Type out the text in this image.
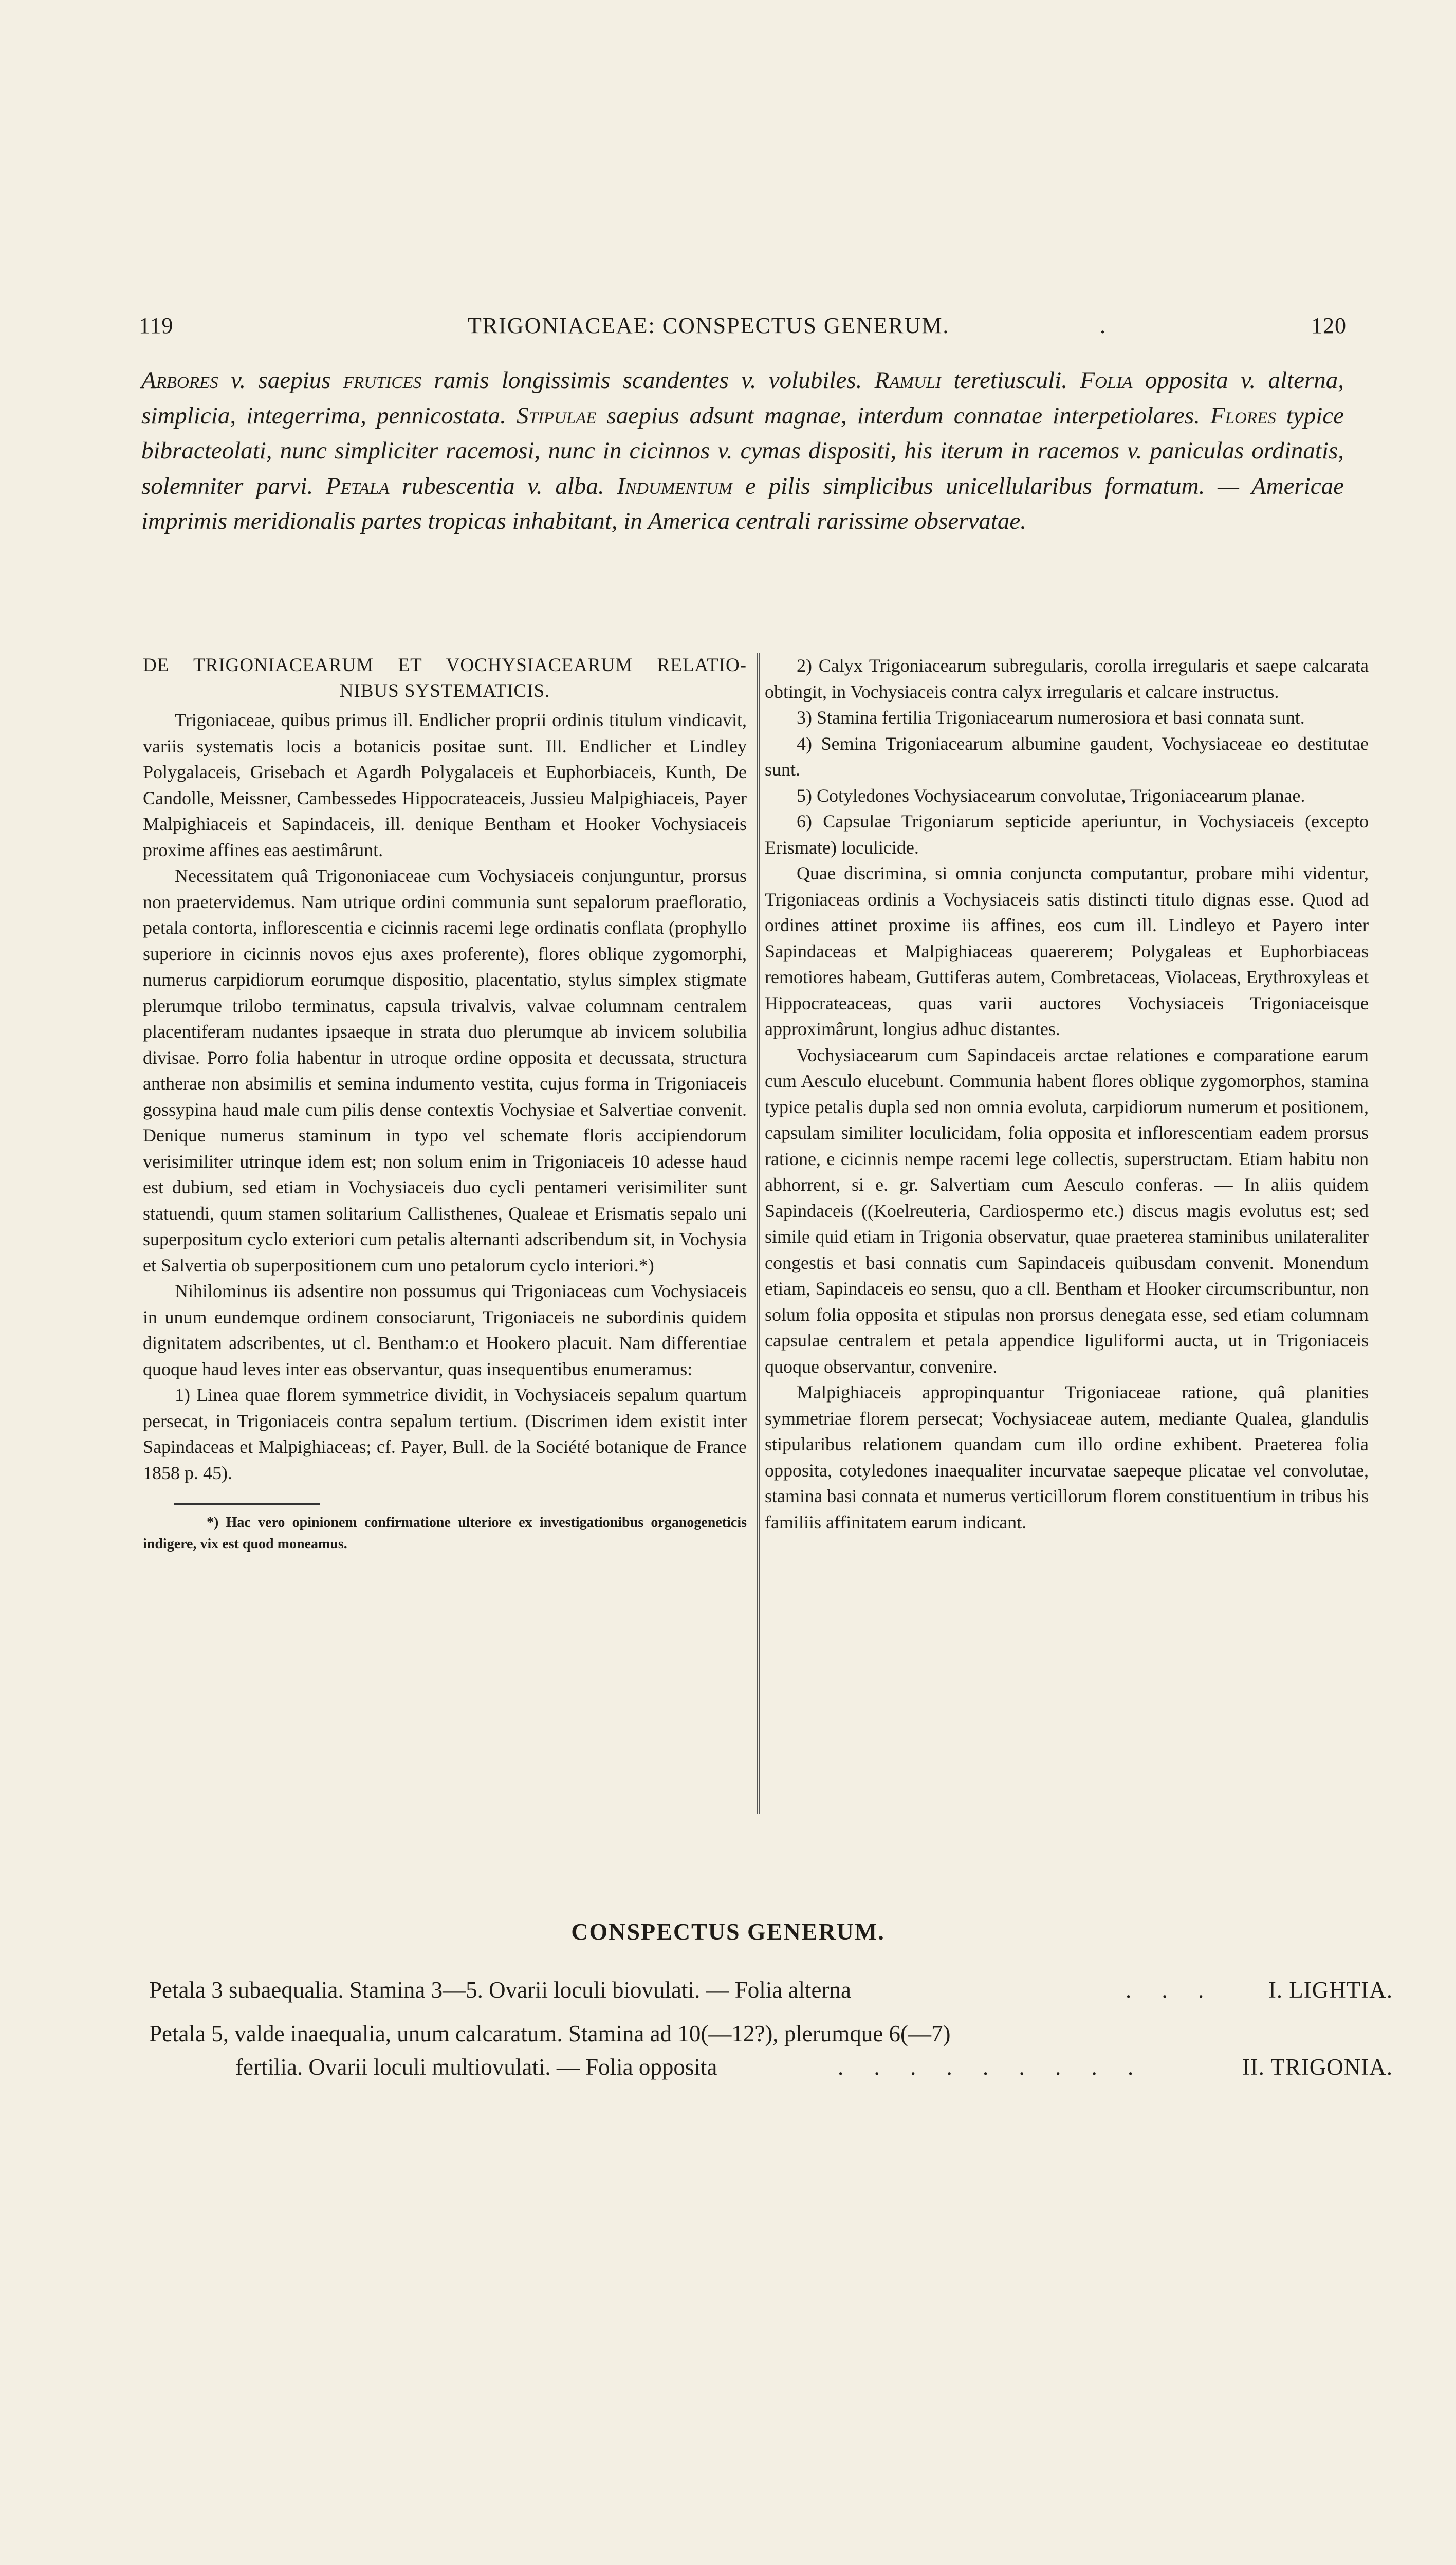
119	TRIGONIACEAE: CONSPECTUS GENERUM.	.	120

Arbores v. saepius frutices ramis longissimis scandentes v. volubiles. Ramuli teretiusculi. Folia opposita v. alterna, simplicia, integerrima, pennicostata. Stipulae saepius adsunt magnae, interdum connatae interpetiolares. Flores typice bibracteolati, nunc simpliciter racemosi, nunc in cicinnos v. cymas dispositi, his iterum in racemos v. paniculas ordinatis, solemniter parvi. Petala rubescentia v. alba. Indumentum e pilis simplicibus unicellularibus formatum. — Americae imprimis meridionalis partes tropicas inhabitant, in America centrali rarissime observatae.

DE TRIGONIACEARUM ET VOCHYSIACEARUM RELATIO-
NIBUS SYSTEMATICIS.

Trigoniaceae, quibus primus ill. Endlicher proprii ordinis titulum vindicavit, variis systematis locis a botanicis positae sunt. Ill. Endlicher et Lindley Polygalaceis, Grisebach et Agardh Polygalaceis et Euphorbiaceis, Kunth, De Candolle, Meissner, Cambessedes Hippocrateaceis, Jussieu Malpighiaceis, Payer Malpighiaceis et Sapindaceis, ill. denique Bentham et Hooker Vochysiaceis proxime affines eas aestimârunt.

Necessitatem quâ Trigononiaceae cum Vochysiaceis conjunguntur, prorsus non praetervidemus. Nam utrique ordini communia sunt sepalorum praefloratio, petala contorta, inflorescentia e cicinnis racemi lege ordinatis conflata (prophyllo superiore in cicinnis novos ejus axes proferente), flores oblique zygomorphi, numerus carpidiorum eorumque dispositio, placentatio, stylus simplex stigmate plerumque trilobo terminatus, capsula trivalvis, valvae columnam centralem placentiferam nudantes ipsaeque in strata duo plerumque ab invicem solubilia divisae. Porro folia habentur in utroque ordine opposita et decussata, structura antherae non absimilis et semina indumento vestita, cujus forma in Trigoniaceis gossypina haud male cum pilis dense contextis Vochysiae et Salvertiae convenit. Denique numerus staminum in typo vel schemate floris accipiendorum verisimiliter utrinque idem est; non solum enim in Trigoniaceis 10 adesse haud est dubium, sed etiam in Vochysiaceis duo cycli pentameri verisimiliter sunt statuendi, quum stamen solitarium Callisthenes, Qualeae et Erismatis sepalo uni superpositum cyclo exteriori cum petalis alternanti adscribendum sit, in Vochysia et Salvertia ob superpositionem cum uno petalorum cyclo interiori.*)

Nihilominus iis adsentire non possumus qui Trigoniaceas cum Vochysiaceis in unum eundemque ordinem consociarunt, Trigoniaceis ne subordinis quidem dignitatem adscribentes, ut cl. Bentham:o et Hookero placuit. Nam differentiae quoque haud leves inter eas observantur, quas insequentibus enumeramus:

1) Linea quae florem symmetrice dividit, in Vochysiaceis sepalum quartum persecat, in Trigoniaceis contra sepalum tertium. (Discrimen idem existit inter Sapindaceas et Malpighiaceas; cf. Payer, Bull. de la Société botanique de France 1858 p. 45).

*) Hac vero opinionem confirmatione ulteriore ex investigationibus organogeneticis indigere, vix est quod moneamus.

2) Calyx Trigoniacearum subregularis, corolla irregularis et saepe calcarata obtingit, in Vochysiaceis contra calyx irregularis et calcare instructus.

3) Stamina fertilia Trigoniacearum numerosiora et basi connata sunt.

4) Semina Trigoniacearum albumine gaudent, Vochysiaceae eo destitutae sunt.

5) Cotyledones Vochysiacearum convolutae, Trigoniacearum planae.

6) Capsulae Trigoniarum septicide aperiuntur, in Vochysiaceis (excepto Erismate) loculicide.

Quae discrimina, si omnia conjuncta computantur, probare mihi videntur, Trigoniaceas ordinis a Vochysiaceis satis distincti titulo dignas esse. Quod ad ordines attinet proxime iis affines, eos cum ill. Lindleyo et Payero inter Sapindaceas et Malpighiaceas quaererem; Polygaleas et Euphorbiaceas remotiores habeam, Guttiferas autem, Combretaceas, Violaceas, Erythroxyleas et Hippocrateaceas, quas varii auctores Vochysiaceis Trigoniaceisque approximârunt, longius adhuc distantes.

Vochysiacearum cum Sapindaceis arctae relationes e comparatione earum cum Aesculo elucebunt. Communia habent flores oblique zygomorphos, stamina typice petalis dupla sed non omnia evoluta, carpidiorum numerum et positionem, capsulam similiter loculicidam, folia opposita et inflorescentiam eadem prorsus ratione, e cicinnis nempe racemi lege collectis, superstructam. Etiam habitu non abhorrent, si e. gr. Salvertiam cum Aesculo conferas. — In aliis quidem Sapindaceis ((Koelreuteria, Cardiospermo etc.) discus magis evolutus est; sed simile quid etiam in Trigonia observatur, quae praeterea staminibus unilateraliter congestis et basi connatis cum Sapindaceis quibusdam convenit. Monendum etiam, Sapindaceis eo sensu, quo a cll. Bentham et Hooker circumscribuntur, non solum folia opposita et stipulas non prorsus denegata esse, sed etiam columnam capsulae centralem et petala appendice liguliformi aucta, ut in Trigoniaceis quoque observantur, convenire.

Malpighiaceis appropinquantur Trigoniaceae ratione, quâ planities symmetriae florem persecat; Vochysiaceae autem, mediante Qualea, glandulis stipularibus relationem quandam cum illo ordine exhibent. Praeterea folia opposita, cotyledones inaequaliter incurvatae saepeque plicatae vel convolutae, stamina basi connata et numerus verticillorum florem constituentium in tribus his familiis affinitatem earum indicant.

CONSPECTUS GENERUM.
Petala 3 subaequalia. Stamina 3—5. Ovarii loculi biovulati. — Folia alterna	. . . I. LIGHTIA.
Petala 5, valde inaequalia, unum calcaratum. Stamina ad 10(—12?), plerumque 6(—7)
fertilia. Ovarii loculi multiovulati. — Folia opposita	. . . . . . . . .	II. TRIGONIA.
